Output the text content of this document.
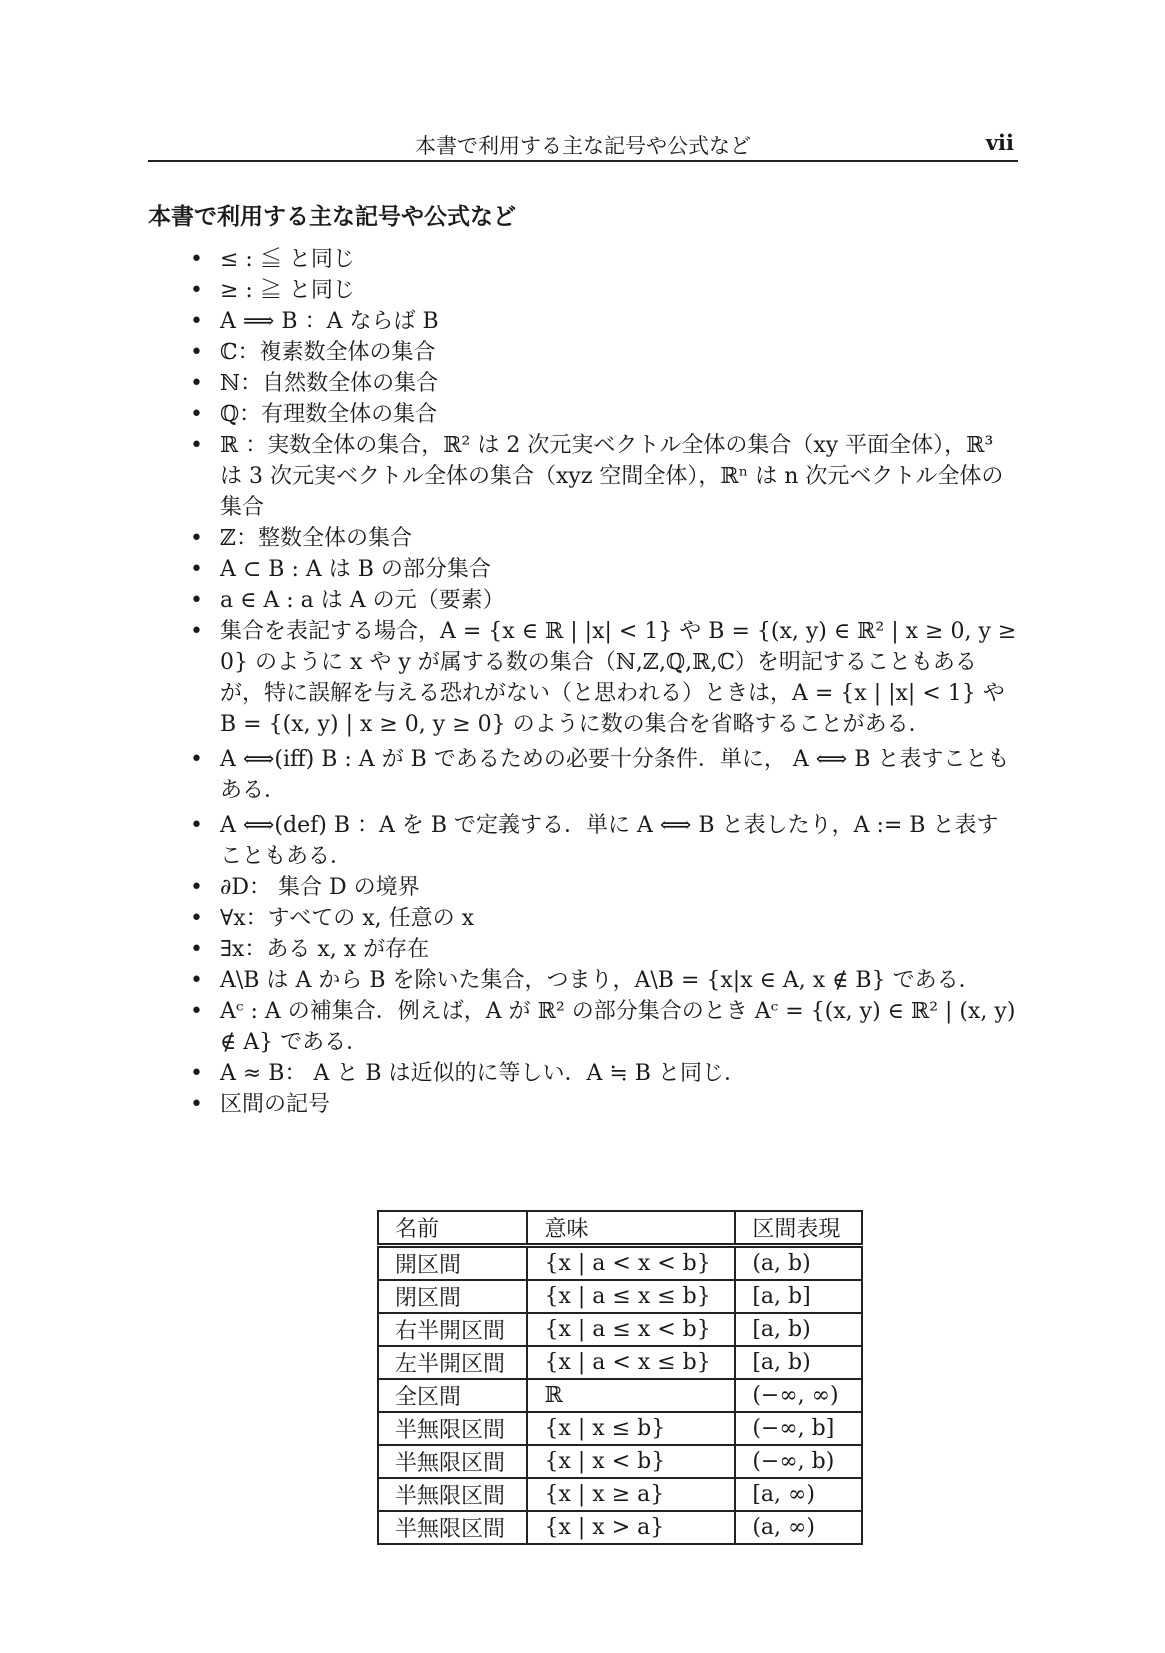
本書で利用する主な記号や公式など	vii
本書で利用する主な記号や公式など
• ≤ : ≦ と同じ
• ≥ : ≧ と同じ
• A ⟹ B ：A ならば B
• ℂ：複素数全体の集合
• ℕ：自然数全体の集合
• ℚ：有理数全体の集合
• ℝ ：実数全体の集合，ℝ² は 2 次元実ベクトル全体の集合（xy 平面全体），ℝ³ は 3 次元実ベクトル全体の集合（xyz 空間全体），ℝⁿ は n 次元ベクトル全体の集合
• ℤ：整数全体の集合
• A ⊂ B : A は B の部分集合
• a ∈ A : a は A の元（要素）
• 集合を表記する場合，A = {x ∈ ℝ | |x| < 1} や B = {(x, y) ∈ ℝ² | x ≥ 0, y ≥ 0} のように x や y が属する数の集合（ℕ,ℤ,ℚ,ℝ,ℂ）を明記することもあるが，特に誤解を与える恐れがない（と思われる）ときは，A = {x | |x| < 1} や B = {(x, y) | x ≥ 0, y ≥ 0} のように数の集合を省略することがある．
• A ⟺(iff) B : A が B であるための必要十分条件．単に， A ⟺ B と表すこともある．
• A ⟺(def) B ：A を B で定義する．単に A ⟺ B と表したり，A := B と表すこともある．
• ∂D： 集合 D の境界
• ∀x：すべての x, 任意の x
• ∃x：ある x, x が存在
• A\B は A から B を除いた集合，つまり，A\B = {x|x ∈ A, x ∉ B} である．
• Aᶜ : A の補集合．例えば，A が ℝ² の部分集合のとき Aᶜ = {(x, y) ∈ ℝ² | (x, y) ∉ A} である．
• A ≈ B： A と B は近似的に等しい．A ≒ B と同じ．
• 区間の記号
名前	意味	区間表現
開区間	{x | a < x < b}	(a, b)
閉区間	{x | a ≤ x ≤ b}	[a, b]
右半開区間	{x | a ≤ x < b}	[a, b)
左半開区間	{x | a < x ≤ b}	[a, b)
全区間	ℝ	(−∞, ∞)
半無限区間	{x | x ≤ b}	(−∞, b]
半無限区間	{x | x < b}	(−∞, b)
半無限区間	{x | x ≥ a}	[a, ∞)
半無限区間	{x | x > a}	(a, ∞)
